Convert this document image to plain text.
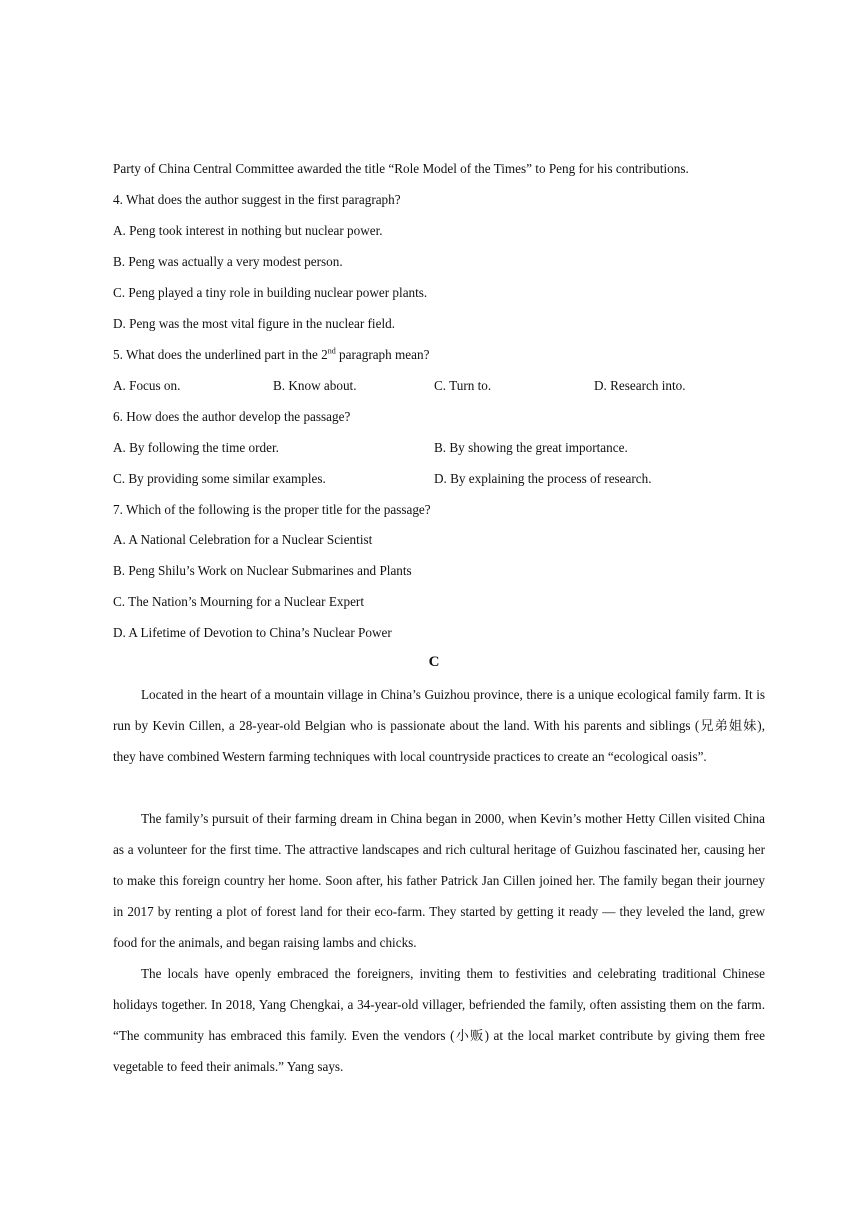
Party of China Central Committee awarded the title “Role Model of the Times” to Peng for his contributions.
4. What does the author suggest in the first paragraph?
A. Peng took interest in nothing but nuclear power.
B. Peng was actually a very modest person.
C. Peng played a tiny role in building nuclear power plants.
D. Peng was the most vital figure in the nuclear field.
5. What does the underlined part in the 2nd paragraph mean?
A. Focus on.	B. Know about.	C. Turn to.	D. Research into.
6. How does the author develop the passage?
A. By following the time order.	B. By showing the great importance.
C. By providing some similar examples.	D. By explaining the process of research.
7. Which of the following is the proper title for the passage?
A. A National Celebration for a Nuclear Scientist
B. Peng Shilu’s Work on Nuclear Submarines and Plants
C. The Nation’s Mourning for a Nuclear Expert
D. A Lifetime of Devotion to China’s Nuclear Power
C
Located in the heart of a mountain village in China’s Guizhou province, there is a unique ecological family farm. It is run by Kevin Cillen, a 28-year-old Belgian who is passionate about the land. With his parents and siblings (兄弟姐妹), they have combined Western farming techniques with local countryside practices to create an “ecological oasis”.
The family’s pursuit of their farming dream in China began in 2000, when Kevin’s mother Hetty Cillen visited China as a volunteer for the first time. The attractive landscapes and rich cultural heritage of Guizhou fascinated her, causing her to make this foreign country her home. Soon after, his father Patrick Jan Cillen joined her. The family began their journey in 2017 by renting a plot of forest land for their eco-farm. They started by getting it ready — they leveled the land, grew food for the animals, and began raising lambs and chicks.
The locals have openly embraced the foreigners, inviting them to festivities and celebrating traditional Chinese holidays together. In 2018, Yang Chengkai, a 34-year-old villager, befriended the family, often assisting them on the farm. “The community has embraced this family. Even the vendors (小贩) at the local market contribute by giving them free vegetable to feed their animals.” Yang says.
